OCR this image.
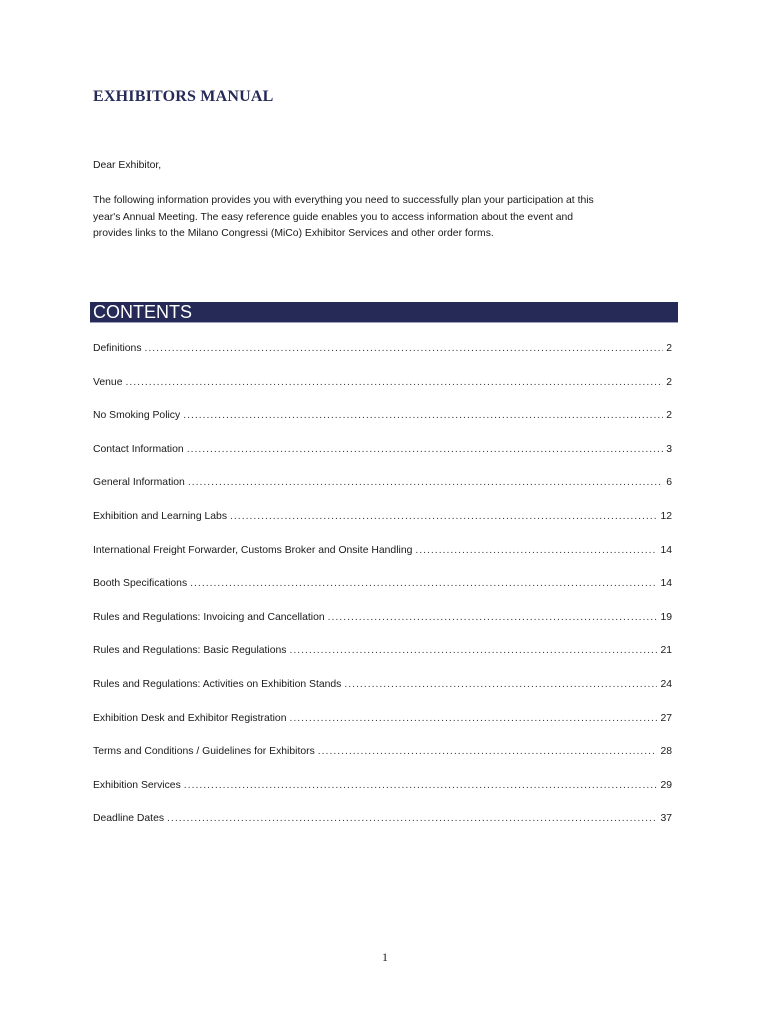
EXHIBITORS MANUAL
Dear Exhibitor,
The following information provides you with everything you need to successfully plan your participation at this
year's Annual Meeting. The easy reference guide enables you to access information about the event and
provides links to the Milano Congressi (MiCo) Exhibitor Services and other order forms.
CONTENTS
Definitions .....	2
Venue .....	2
No Smoking Policy .....	2
Contact Information .....	3
General Information .....	6
Exhibition and Learning Labs .....	12
International Freight Forwarder, Customs Broker and Onsite Handling .....	14
Booth Specifications .....	14
Rules and Regulations: Invoicing and Cancellation .....	19
Rules and Regulations: Basic Regulations .....	21
Rules and Regulations: Activities on Exhibition Stands .....	24
Exhibition Desk and Exhibitor Registration .....	27
Terms and Conditions / Guidelines for Exhibitors .....	28
Exhibition Services .....	29
Deadline Dates .....	37
1
